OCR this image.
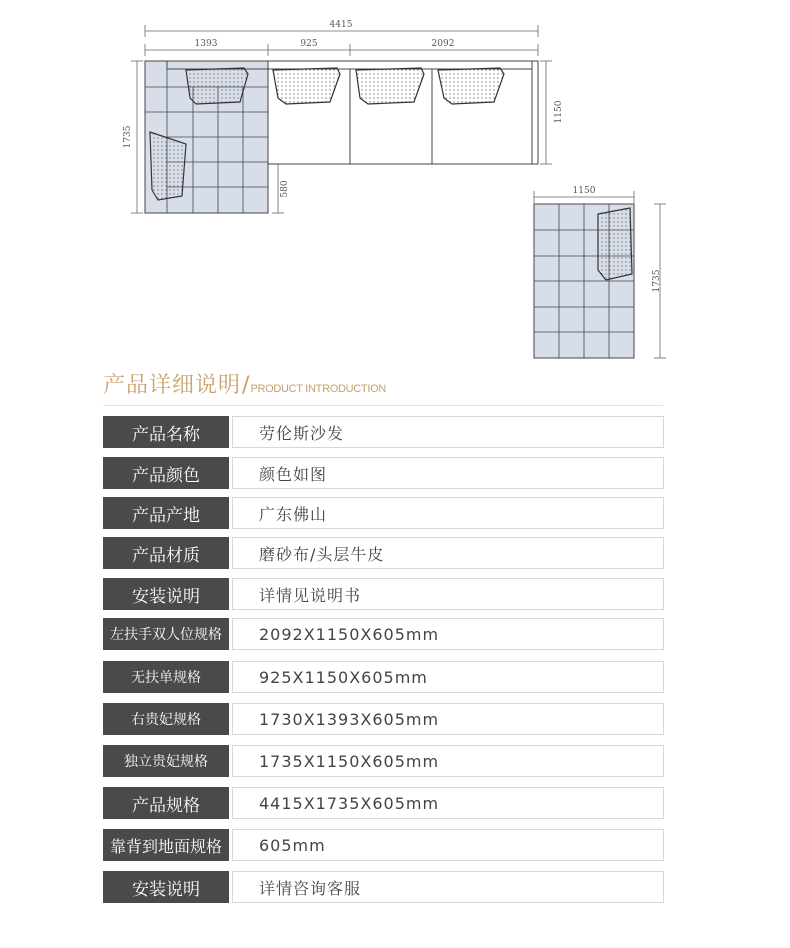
4415
1393	925	2092
1735
1150
580	1150
1735
产品详细说明 / PRODUCT INTRODUCTION
产品名称	劳伦斯沙发
产品颜色	颜色如图
产品产地	广东佛山
产品材质	磨砂布/头层牛皮
安装说明	详情见说明书
左扶手双人位规格	2092X1150X605mm
无扶单规格	925X1150X605mm
右贵妃规格	1730X1393X605mm
独立贵妃规格	1735X1150X605mm
产品规格	4415X1735X605mm
靠背到地面规格	605mm
安装说明	详情咨询客服
